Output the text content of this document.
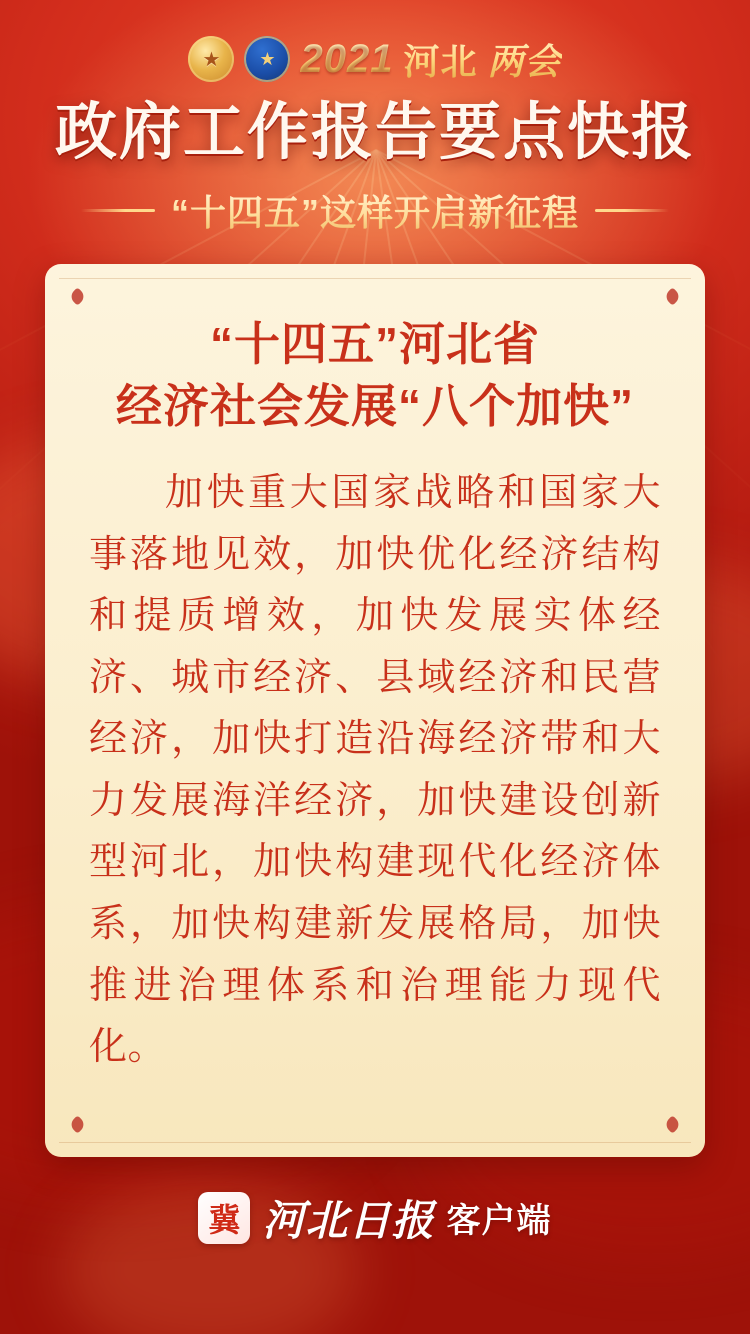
★
★
2021 河北 两会
政府工作报告要点快报
“十四五”这样开启新征程
“十四五”河北省
经济社会发展“八个加快”

加快重大国家战略和国家大事落地见效，加快优化经济结构和提质增效，加快发展实体经济、城市经济、县域经济和民营经济，加快打造沿海经济带和大力发展海洋经济，加快建设创新型河北，加快构建现代化经济体系，加快构建新发展格局，加快推进治理体系和治理能力现代化。

冀
河北日报 客户端
